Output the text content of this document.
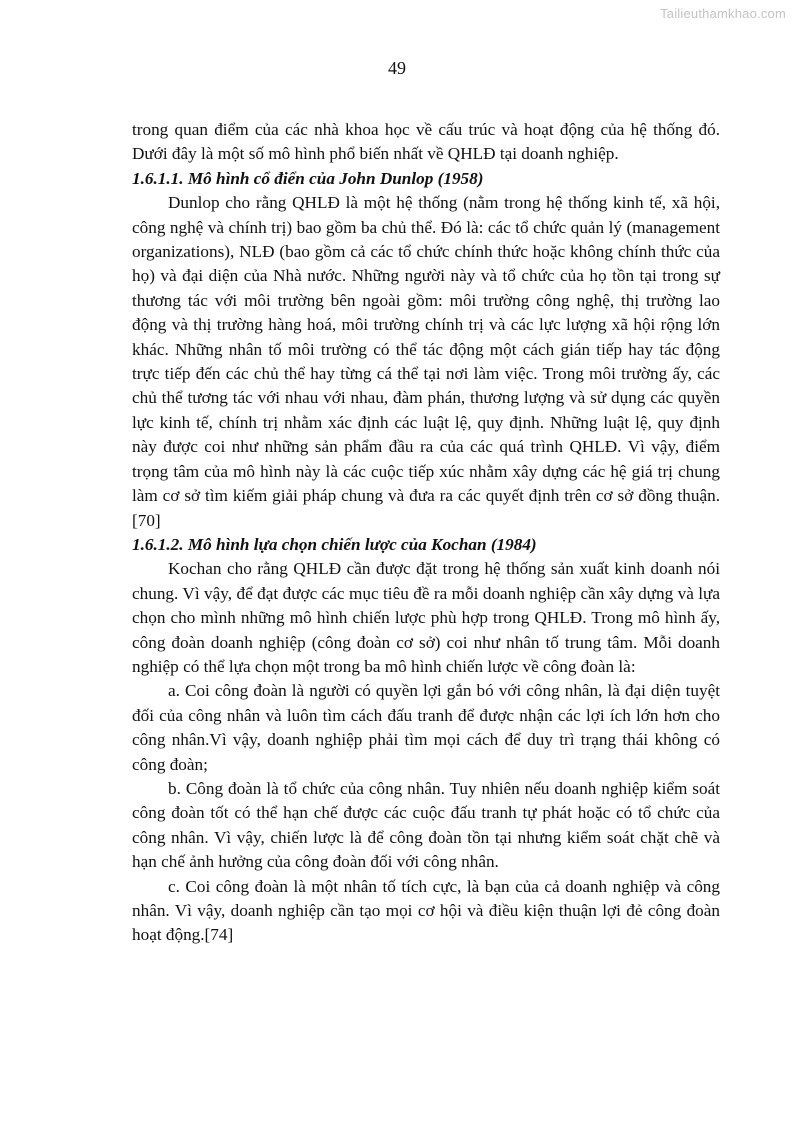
Tailieuthamkhao.com
49

trong quan điểm của các nhà khoa học về cấu trúc và hoạt động của hệ thống đó. Dưới đây là một số mô hình phổ biến nhất về QHLĐ tại doanh nghiệp.

1.6.1.1. Mô hình cổ điển của John Dunlop (1958)

Dunlop cho rằng QHLĐ là một hệ thống (nằm trong hệ thống kinh tế, xã hội, công nghệ và chính trị) bao gồm ba chủ thể. Đó là: các tổ chức quản lý (management organizations), NLĐ (bao gồm cả các tổ chức chính thức hoặc không chính thức của họ) và đại diện của Nhà nước. Những người này và tổ chức của họ tồn tại trong sự thương tác với môi trường bên ngoài gồm: môi trường công nghệ, thị trường lao động và thị trường hàng hoá, môi trường chính trị và các lực lượng xã hội rộng lớn khác. Những nhân tố môi trường có thể tác động một cách gián tiếp hay tác động trực tiếp đến các chủ thể hay từng cá thể tại nơi làm việc. Trong môi trường ấy, các chủ thể tương tác với nhau với nhau, đàm phán, thương lượng và sử dụng các quyền lực kinh tế, chính trị nhằm xác định các luật lệ, quy định. Những luật lệ, quy định này được coi như những sản phẩm đầu ra của các quá trình QHLĐ. Vì vậy, điểm trọng tâm của mô hình này là các cuộc tiếp xúc nhằm xây dựng các hệ giá trị chung làm cơ sở tìm kiếm giải pháp chung và đưa ra các quyết định trên cơ sở đồng thuận.[70]

1.6.1.2. Mô hình lựa chọn chiến lược của Kochan (1984)

Kochan cho rằng QHLĐ cần được đặt trong hệ thống sản xuất kinh doanh nói chung. Vì vậy, để đạt được các mục tiêu đề ra mỗi doanh nghiệp cần xây dựng và lựa chọn cho mình những mô hình chiến lược phù hợp trong QHLĐ. Trong mô hình ấy, công đoàn doanh nghiệp (công đoàn cơ sở) coi như nhân tố trung tâm. Mỗi doanh nghiệp có thể lựa chọn một trong ba mô hình chiến lược về công đoàn là:

a. Coi công đoàn là người có quyền lợi gắn bó với công nhân, là đại diện tuyệt đối của công nhân và luôn tìm cách đấu tranh để được nhận các lợi ích lớn hơn cho công nhân.Vì vậy, doanh nghiệp phải tìm mọi cách để duy trì trạng thái không có công đoàn;

b. Công đoàn là tổ chức của công nhân. Tuy nhiên nếu doanh nghiệp kiểm soát công đoàn tốt có thể hạn chế được các cuộc đấu tranh tự phát hoặc có tổ chức của công nhân. Vì vậy, chiến lược là để công đoàn tồn tại nhưng kiểm soát chặt chẽ và hạn chế ảnh hưởng của công đoàn đối với công nhân.

c. Coi công đoàn là một nhân tố tích cực, là bạn của cả doanh nghiệp và công nhân. Vì vậy, doanh nghiệp cần tạo mọi cơ hội và điều kiện thuận lợi đẻ công đoàn hoạt động.[74]
